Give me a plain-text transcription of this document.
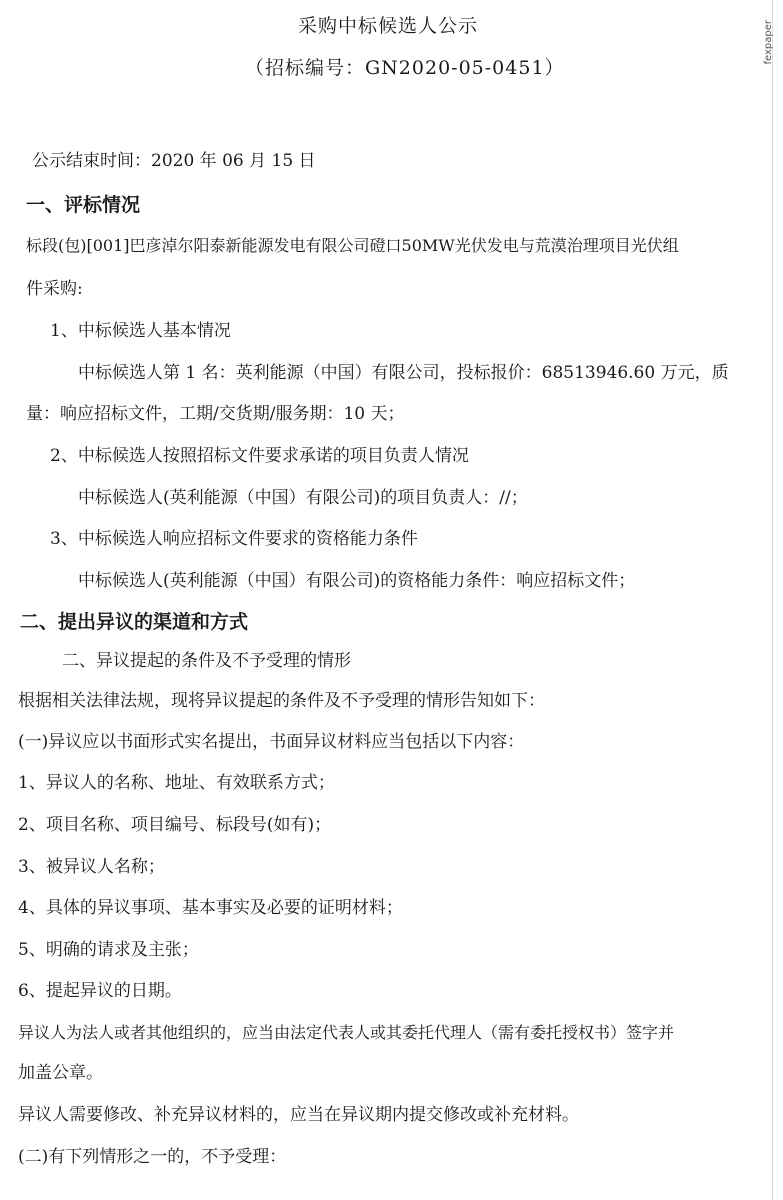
fexpaper
采购中标候选人公示
（招标编号：GN2020-05-0451）
公示结束时间：2020 年 06 月 15 日
一、评标情况
标段(包)[001]巴彦淖尔阳泰新能源发电有限公司磴口50MW光伏发电与荒漠治理项目光伏组
件采购:
1、中标候选人基本情况
中标候选人第 1 名：英利能源（中国）有限公司，投标报价：68513946.60 万元，质
量：响应招标文件，工期/交货期/服务期：10 天；
2、中标候选人按照招标文件要求承诺的项目负责人情况
中标候选人(英利能源（中国）有限公司)的项目负责人：//；
3、中标候选人响应招标文件要求的资格能力条件
中标候选人(英利能源（中国）有限公司)的资格能力条件：响应招标文件；
二、提出异议的渠道和方式
二、异议提起的条件及不予受理的情形
根据相关法律法规，现将异议提起的条件及不予受理的情形告知如下：
(一)异议应以书面形式实名提出，书面异议材料应当包括以下内容：
1、异议人的名称、地址、有效联系方式；
2、项目名称、项目编号、标段号(如有)；
3、被异议人名称；
4、具体的异议事项、基本事实及必要的证明材料；
5、明确的请求及主张；
6、提起异议的日期。
异议人为法人或者其他组织的，应当由法定代表人或其委托代理人（需有委托授权书）签字并
加盖公章。
异议人需要修改、补充异议材料的，应当在异议期内提交修改或补充材料。
(二)有下列情形之一的，不予受理：
